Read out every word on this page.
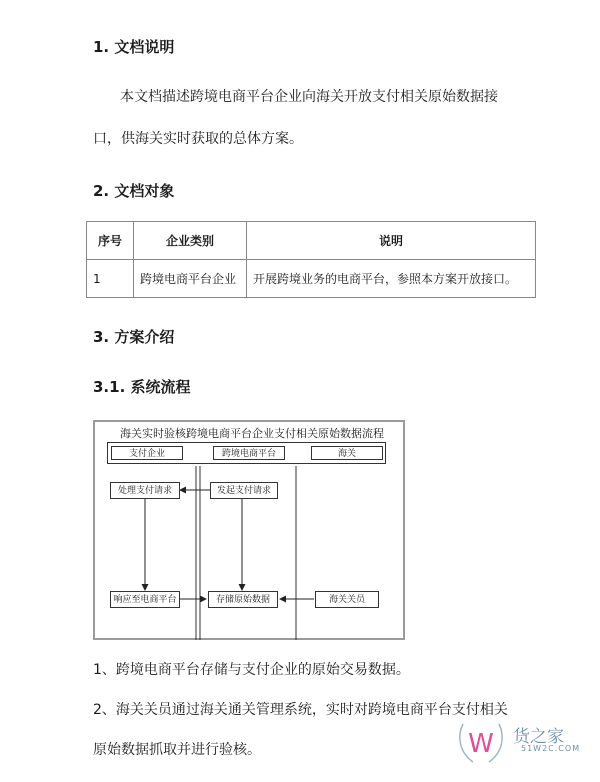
1. 文档说明
本文档描述跨境电商平台企业向海关开放支付相关原始数据接
口，供海关实时获取的总体方案。
2. 文档对象
序号	企业类别	说明
1	跨境电商平台企业	开展跨境业务的电商平台，参照本方案开放接口。
3. 方案介绍
3.1. 系统流程
海关实时验核跨境电商平台企业支付相关原始数据流程
支付企业	跨境电商平台	海关
处理支付请求	发起支付请求
响应至电商平台	存储原始数据	海关关员
1、跨境电商平台存储与支付企业的原始交易数据。
2、海关关员通过海关通关管理系统，实时对跨境电商平台支付相关
原始数据抓取并进行验核。	W 货之家
51W2C.COM
